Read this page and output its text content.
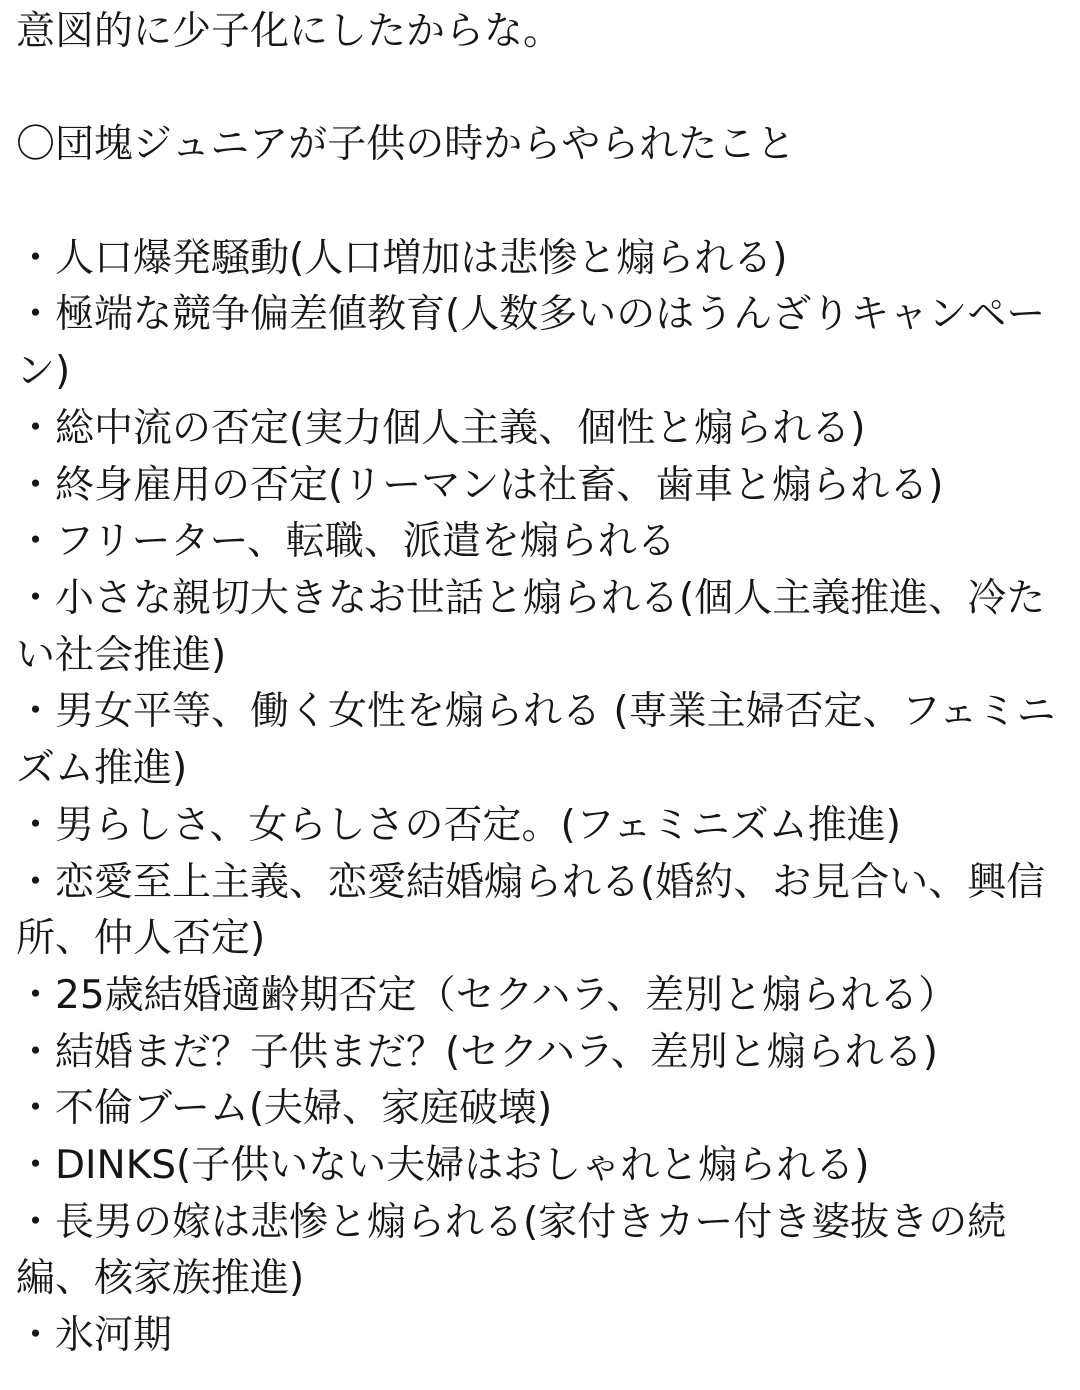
意図的に少子化にしたからな。
〇団塊ジュニアが子供の時からやられたこと
・人口爆発騒動(人口増加は悲惨と煽られる)
・極端な競争偏差値教育(人数多いのはうんざりキャンペーン)
・総中流の否定(実力個人主義、個性と煽られる)
・終身雇用の否定(リーマンは社畜、歯車と煽られる)
・フリーター、転職、派遣を煽られる
・小さな親切大きなお世話と煽られる(個人主義推進、冷たい社会推進)
・男女平等、働く女性を煽られる (専業主婦否定、フェミニズム推進)
・男らしさ、女らしさの否定。(フェミニズム推進)
・恋愛至上主義、恋愛結婚煽られる(婚約、お見合い、興信所、仲人否定)
・25歳結婚適齢期否定（セクハラ、差別と煽られる）
・結婚まだ？子供まだ？(セクハラ、差別と煽られる)
・不倫ブーム(夫婦、家庭破壊)
・DINKS(子供いない夫婦はおしゃれと煽られる)
・長男の嫁は悲惨と煽られる(家付きカー付き婆抜きの続編、核家族推進)
・氷河期
